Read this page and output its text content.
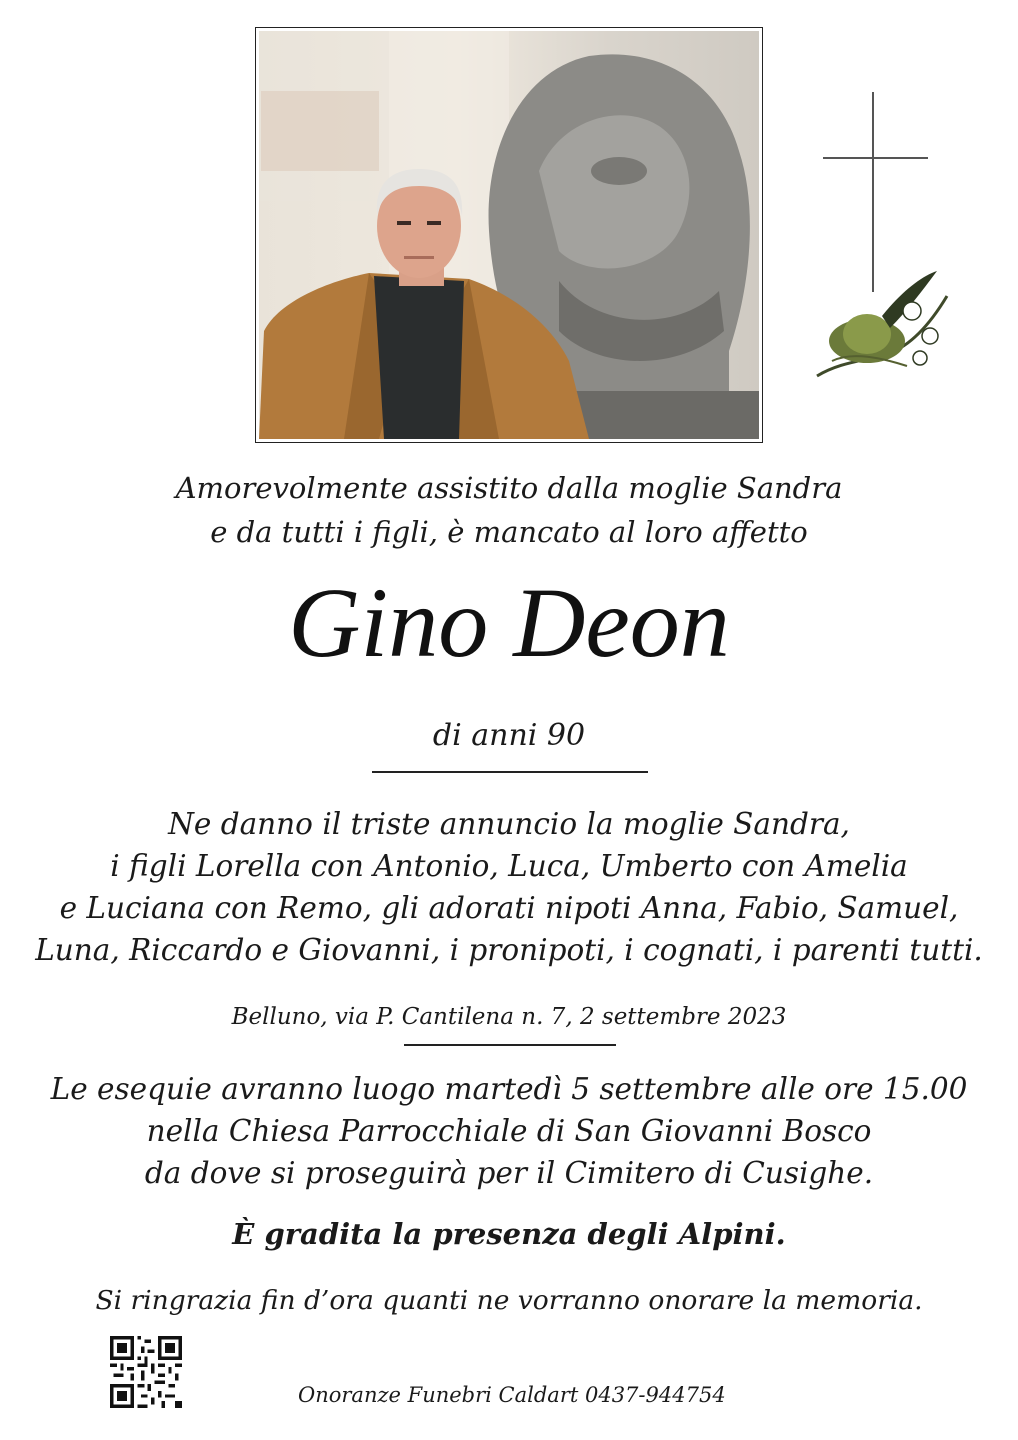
Amorevolmente assistito dalla moglie Sandra
e da tutti i figli, è mancato al loro affetto
Gino Deon
di anni 90
Ne danno il triste annuncio la moglie Sandra,
i figli Lorella con Antonio, Luca, Umberto con Amelia
e Luciana con Remo, gli adorati nipoti Anna, Fabio, Samuel,
Luna, Riccardo e Giovanni, i pronipoti, i cognati, i parenti tutti.
Belluno, via P. Cantilena n. 7, 2 settembre 2023
Le esequie avranno luogo martedì 5 settembre alle ore 15.00
nella Chiesa Parrocchiale di San Giovanni Bosco
da dove si proseguirà per il Cimitero di Cusighe.
È gradita la presenza degli Alpini.
Si ringrazia fin d’ora quanti ne vorranno onorare la memoria.
Onoranze Funebri Caldart 0437-944754
